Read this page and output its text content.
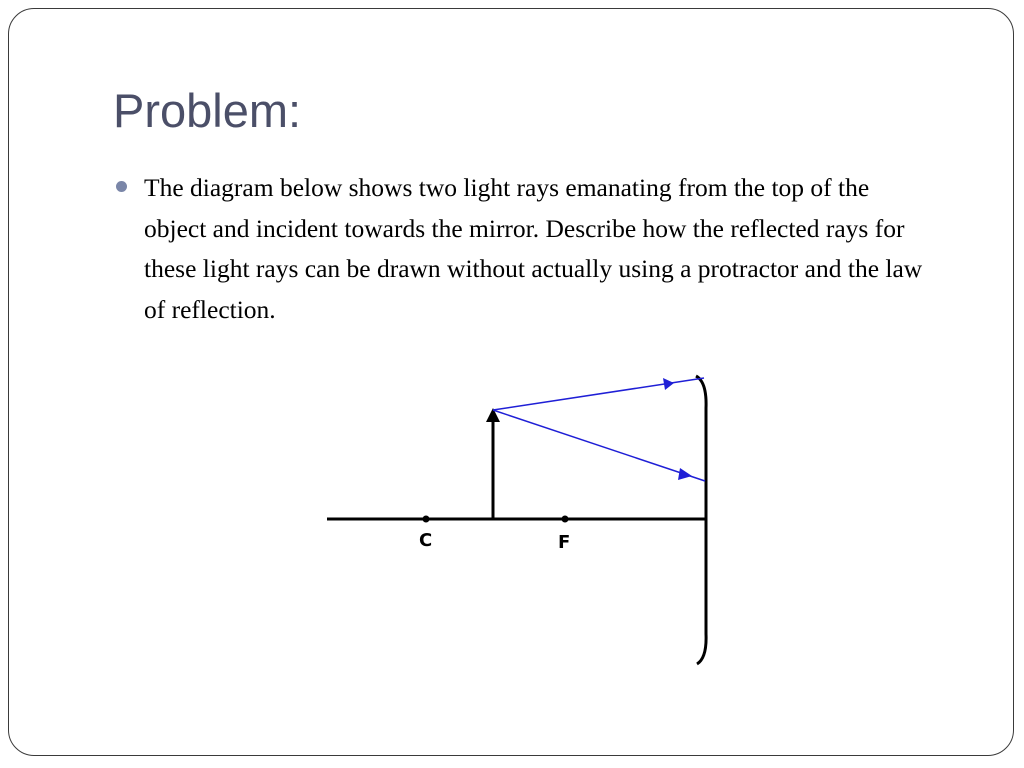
Problem:
The diagram below shows two light rays emanating from the top of the object and incident towards the mirror. Describe how the reflected rays for these light rays can be drawn without actually using a protractor and the law of reflection.
C	F
